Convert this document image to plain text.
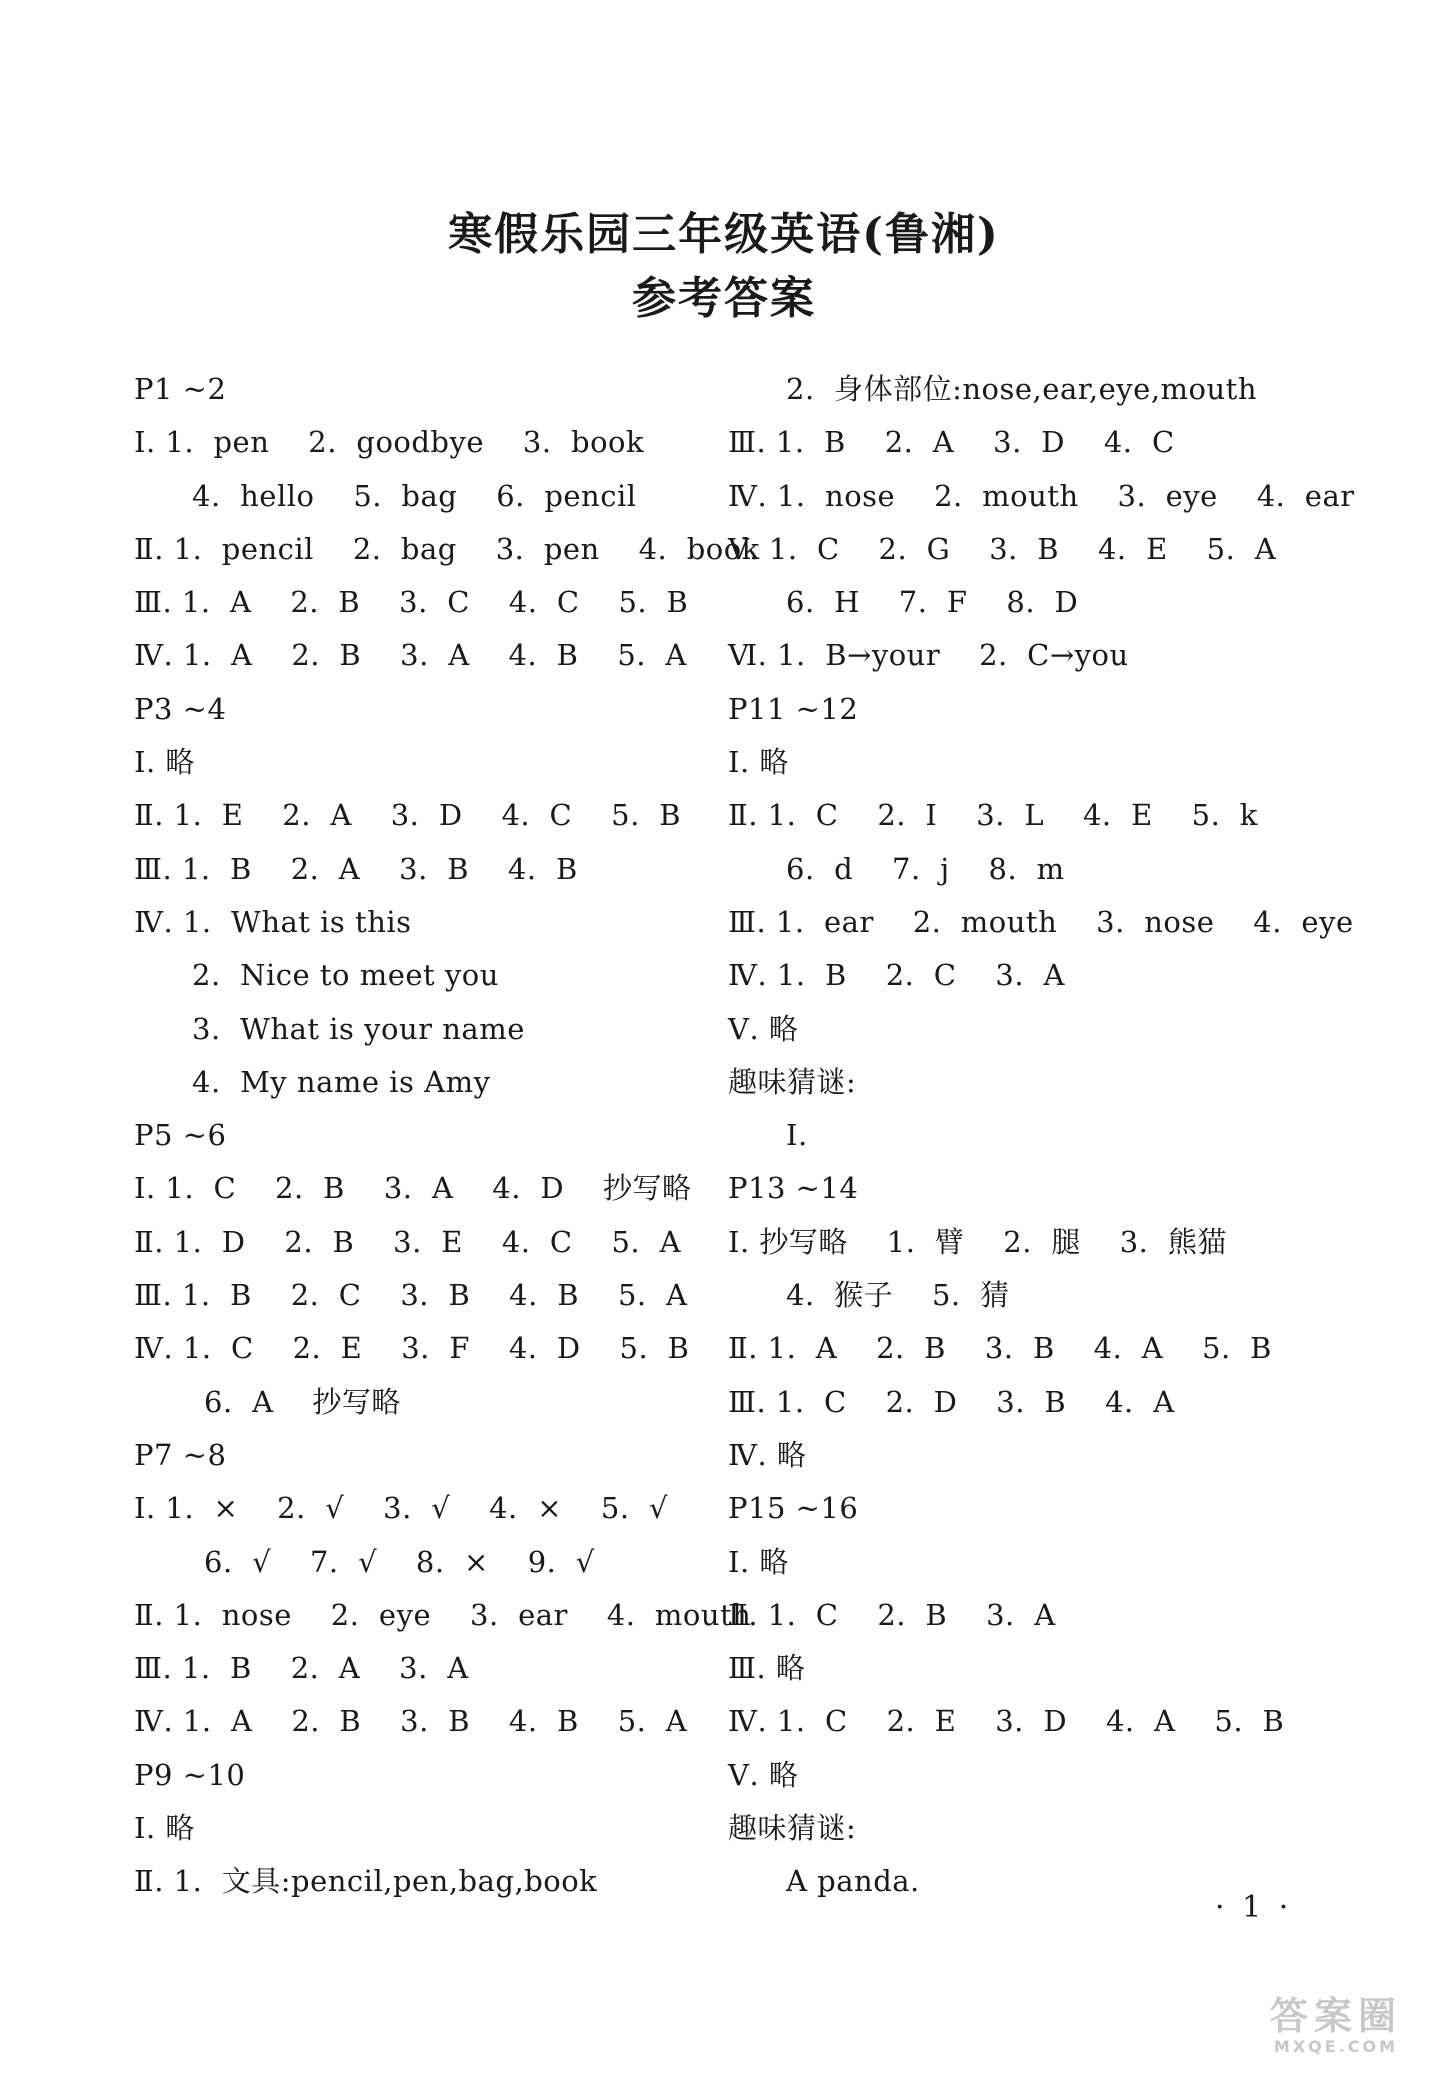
寒假乐园三年级英语(鲁湘)
参考答案
P1 ~2
Ⅰ. 1.  pen    2.  goodbye    3.  book
4.  hello    5.  bag    6.  pencil
Ⅱ. 1.  pencil    2.  bag    3.  pen    4.  book
Ⅲ. 1.  A    2.  B    3.  C    4.  C    5.  B
Ⅳ. 1.  A    2.  B    3.  A    4.  B    5.  A
P3 ~4
Ⅰ. 略
Ⅱ. 1.  E    2.  A    3.  D    4.  C    5.  B
Ⅲ. 1.  B    2.  A    3.  B    4.  B
Ⅳ. 1.  What is this
2.  Nice to meet you
3.  What is your name
4.  My name is Amy
P5 ~6
Ⅰ. 1.  C    2.  B    3.  A    4.  D    抄写略
Ⅱ. 1.  D    2.  B    3.  E    4.  C    5.  A
Ⅲ. 1.  B    2.  C    3.  B    4.  B    5.  A
Ⅳ. 1.  C    2.  E    3.  F    4.  D    5.  B
6.  A    抄写略
P7 ~8
Ⅰ. 1.  ×    2.  √    3.  √    4.  ×    5.  √
6.  √    7.  √    8.  ×    9.  √
Ⅱ. 1.  nose    2.  eye    3.  ear    4.  mouth
Ⅲ. 1.  B    2.  A    3.  A
Ⅳ. 1.  A    2.  B    3.  B    4.  B    5.  A
P9 ~10
Ⅰ. 略
Ⅱ. 1.  文具:pencil,pen,bag,book
2.  身体部位:nose,ear,eye,mouth
Ⅲ. 1.  B    2.  A    3.  D    4.  C
Ⅳ. 1.  nose    2.  mouth    3.  eye    4.  ear
Ⅴ. 1.  C    2.  G    3.  B    4.  E    5.  A
6.  H    7.  F    8.  D
Ⅵ. 1.  B→your    2.  C→you
P11 ~12
Ⅰ. 略
Ⅱ. 1.  C    2.  I    3.  L    4.  E    5.  k
6.  d    7.  j    8.  m
Ⅲ. 1.  ear    2.  mouth    3.  nose    4.  eye
Ⅳ. 1.  B    2.  C    3.  A
Ⅴ. 略
趣味猜谜:
I.
P13 ~14
Ⅰ. 抄写略    1.  臂    2.  腿    3.  熊猫
4.  猴子    5.  猜
Ⅱ. 1.  A    2.  B    3.  B    4.  A    5.  B
Ⅲ. 1.  C    2.  D    3.  B    4.  A
Ⅳ. 略
P15 ~16
Ⅰ. 略
Ⅱ. 1.  C    2.  B    3.  A
Ⅲ. 略
Ⅳ. 1.  C    2.  E    3.  D    4.  A    5.  B
Ⅴ. 略
趣味猜谜:
A panda.
· 1 ·
答案圈
MXQE.COM
